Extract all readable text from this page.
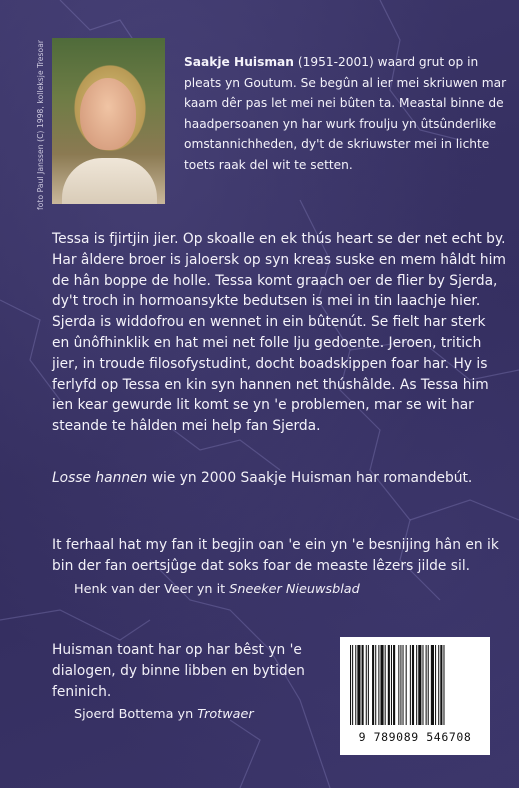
foto Paul Janssen (C) 1998, kolleksje Tresoar	Saakje Huisman (1951-2001) waard grut op in pleats yn Goutum. Se begûn al ier mei skriuwen mar kaam dêr pas let mei nei bûten ta. Meastal binne de haadpersoanen yn har wurk froulju yn ûtsûnderlike omstannichheden, dy't de skriuwster mei in lichte toets raak del wit te setten.
Tessa is fjirtjin jier. Op skoalle en ek thús heart se der net echt by. Har âldere broer is jaloersk op syn kreas suske en mem hâldt him de hân boppe de holle. Tessa komt graach oer de flier by Sjerda, dy't troch in hormoansykte bedutsen is mei in tin laachje hier. Sjerda is widdofrou en wennet in ein bûtenút. Se fielt har sterk en ûnôfhinklik en hat mei net folle lju gedoente. Jeroen, tritich jier, in troude filosofystudint, docht boadskippen foar har. Hy is ferlyfd op Tessa en kin syn hannen net thúshâlde. As Tessa him ien kear gewurde lit komt se yn 'e problemen, mar se wit har steande te hâlden mei help fan Sjerda.
Losse hannen wie yn 2000 Saakje Huisman har romandebút.
It ferhaal hat my fan it begjin oan 'e ein yn 'e besnijing hân en ik bin der fan oertsjûge dat soks foar de measte lêzers jilde sil.
Henk van der Veer yn it Sneeker Nieuwsblad
Huisman toant har op har bêst yn 'e dialogen, dy binne libben en bytiden feninich.
Sjoerd Bottema yn Trotwaer
9 789089 546708
